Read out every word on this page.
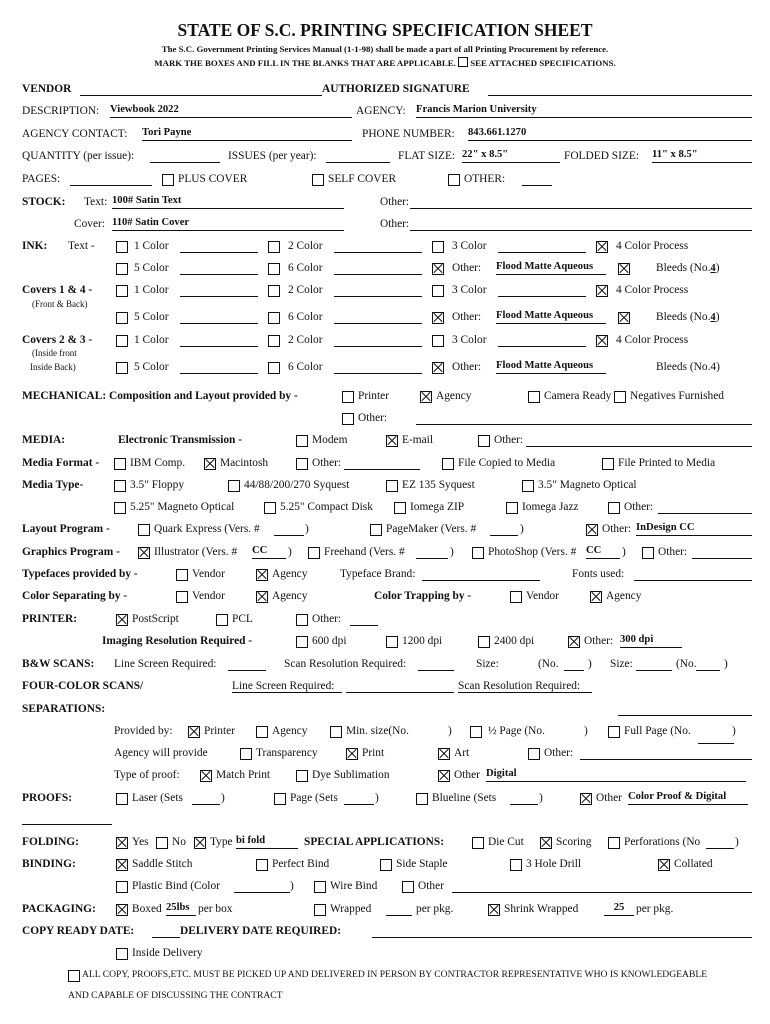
STATE OF S.C. PRINTING SPECIFICATION SHEET
The S.C. Government Printing Services Manual (1-1-98) shall be made a part of all Printing Procurement by reference.
MARK THE BOXES AND FILL IN THE BLANKS THAT ARE APPLICABLE. SEE ATTACHED SPECIFICATIONS.
VENDOR	AUTHORIZED SIGNATURE
DESCRIPTION: Viewbook 2022	AGENCY: Francis Marion University
AGENCY CONTACT: Tori Payne	PHONE NUMBER: 843.661.1270
QUANTITY (per issue):	ISSUES (per year):	FLAT SIZE: 22" x 8.5"	FOLDED SIZE: 11" x 8.5"
PAGES:	PLUS COVER	SELF COVER	OTHER:
STOCK: Text: 100# Satin Text	Other:
Cover: 110# Satin Cover	Other:
INK: Text -	1 Color	2 Color	3 Color	4 Color Process
5 Color	6 Color	Other: Flood Matte Aqueous	Bleeds (No.4)
Covers 1 & 4 -	1 Color	2 Color	3 Color	4 Color Process
(Front & Back)
5 Color	6 Color	Other: Flood Matte Aqueous	Bleeds (No.4)
Covers 2 & 3 -	1 Color	2 Color	3 Color	4 Color Process
(Inside front
Inside Back)	5 Color	6 Color	Other: Flood Matte Aqueous	Bleeds (No.4)
MECHANICAL: Composition and Layout provided by -	Printer	Agency	Camera Ready Negatives Furnished
Other:
MEDIA:	Electronic Transmission -	Modem	E-mail	Other:
Media Format -	IBM Comp.	Macintosh	Other:	File Copied to Media	File Printed to Media
Media Type-	3.5" Floppy	44/88/200/270 Syquest	EZ 135 Syquest	3.5" Magneto Optical
5.25" Magneto Optical	5.25" Compact Disk	Iomega ZIP	Iomega Jazz	Other:
Layout Program -	Quark Express (Vers. #	)	PageMaker (Vers. #	)	Other: InDesign CC
Graphics Program -	Illustrator (Vers. # CC	)	Freehand (Vers. #	)	PhotoShop (Vers. # CC	)	Other:
Typefaces provided by -	Vendor	Agency	Typeface Brand:	Fonts used:
Color Separating by -	Vendor	Agency	Color Trapping by -	Vendor	Agency
PRINTER:	PostScript	PCL	Other:
Imaging Resolution Required -	600 dpi	1200 dpi	2400 dpi	Other: 300 dpi
B&W SCANS: Line Screen Required:	Scan Resolution Required:	Size:	(No.	) Size:	(No. )
FOUR-COLOR SCANS/	Line Screen Required:	Scan Resolution Required:
SEPARATIONS:
Provided by:	Printer	Agency	Min. size(No.	)	½ Page (No.	)	Full Page (No.	)
Agency will provide	Transparency	Print	Art	Other:
Type of proof:	Match Print	Dye Sublimation	Other Digital
PROOFS:	Laser (Sets	)	Page (Sets	)	Blueline (Sets	)	Other Color Proof & Digital
FOLDING:	Yes No Type bi fold	SPECIAL APPLICATIONS:	Die Cut	Scoring	Perforations (No	)
BINDING:	Saddle Stitch	Perfect Bind	Side Staple	3 Hole Drill	Collated
Plastic Bind (Color	)	Wire Bind	Other
PACKAGING:	Boxed 25lbs per box	Wrapped	per pkg.	Shrink Wrapped	25	per pkg.
COPY READY DATE:	DELIVERY DATE REQUIRED:
Inside Delivery
ALL COPY, PROOFS,ETC. MUST BE PICKED UP AND DELIVERED IN PERSON BY CONTRACTOR REPRESENTATIVE WHO IS KNOWLEDGEABLE
AND CAPABLE OF DISCUSSING THE CONTRACT
